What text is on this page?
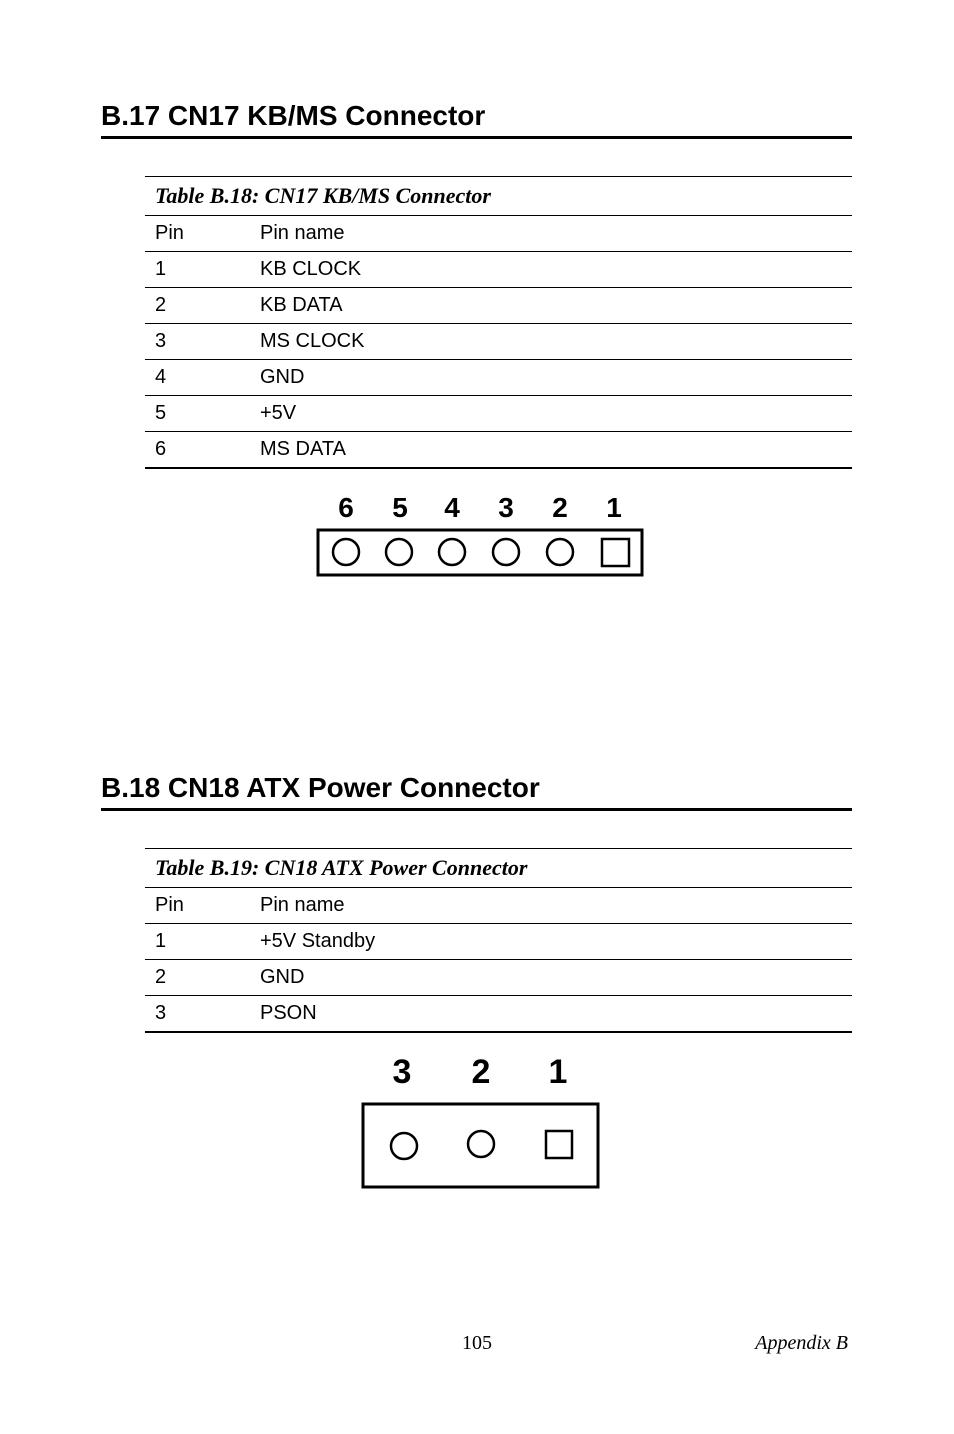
B.17 CN17 KB/MS Connector
Table B.18: CN17 KB/MS Connector
Pin	Pin name
1	KB CLOCK
2	KB DATA
3	MS CLOCK
4	GND
5	+5V
6	MS DATA
6 5 4 3 2 1
3 2 1
B.18 CN18 ATX Power Connector
Table B.19: CN18 ATX Power Connector
Pin	Pin name
1	+5V Standby
2	GND
3	PSON
105	Appendix B
